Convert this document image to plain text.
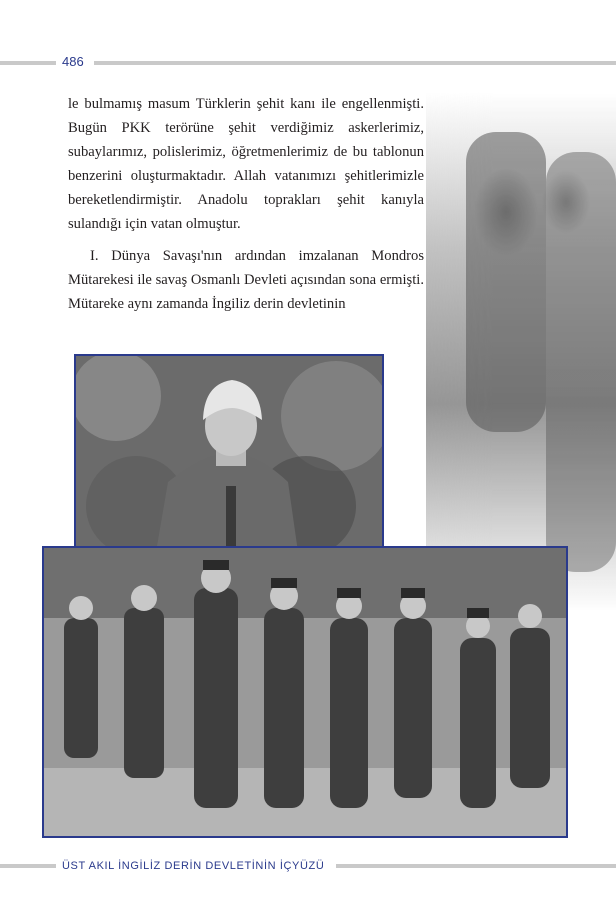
486

le bulmamış masum Türklerin şehit kanı ile engellenmişti. Bugün PKK terörüne şehit verdiğimiz askerlerimiz, subaylarımız, polislerimiz, öğretmenlerimiz de bu tablonun benzerini oluşturmaktadır. Allah vatanımızı şehitlerimizle bereketlendirmiştir. Anadolu toprakları şehit kanıyla sulandığı için vatan olmuştur.

I. Dünya Savaşı'nın ardından imzalanan Mondros Mütarekesi ile savaş Osmanlı Devleti açısından sona ermişti. Mütareke aynı zamanda İngiliz derin devletinin

ÜST AKIL İNGİLİZ DERİN DEVLETİNİN İÇYÜZÜ
